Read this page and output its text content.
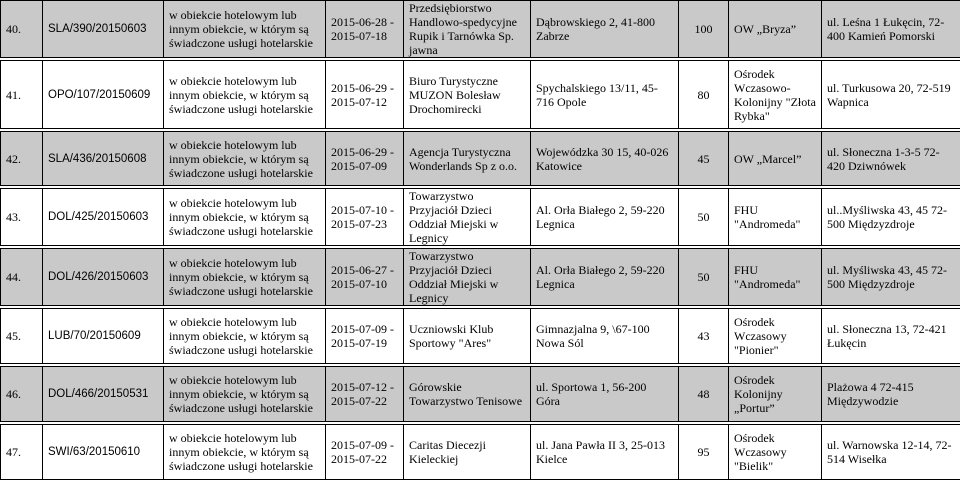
40.	SLA/390/20150603	w obiekcie hotelowym lub innym obiekcie, w którym są świadczone usługi hotelarskie	2015-06-28 - 2015-07-18	Przedsiębiorstwo Handlowo-spedycyjne Rupik i Tarnówka Sp. jawna	Dąbrowskiego 2, 41-800 Zabrze	100	OW „Bryza”	ul. Leśna 1 Łukęcin, 72-400 Kamień Pomorski

41.	OPO/107/20150609	w obiekcie hotelowym lub innym obiekcie, w którym są świadczone usługi hotelarskie	2015-06-29 - 2015-07-12	Biuro Turystyczne MUZON Bolesław Drochomirecki	Spychalskiego 13/11, 45-716 Opole	80	Ośrodek Wczasowo-Kolonijny "Złota Rybka"	ul. Turkusowa 20, 72-519 Wapnica

42.	SLA/436/20150608	w obiekcie hotelowym lub innym obiekcie, w którym są świadczone usługi hotelarskie	2015-06-29 - 2015-07-09	Agencja Turystyczna Wonderlands Sp z o.o.	Wojewódzka 30 15, 40-026 Katowice	45	OW „Marcel”	ul. Słoneczna 1-3-5 72-420 Dziwnówek

43.	DOL/425/20150603	w obiekcie hotelowym lub innym obiekcie, w którym są świadczone usługi hotelarskie	2015-07-10 - 2015-07-23	Towarzystwo Przyjaciół Dzieci Oddział Miejski w Legnicy	Al. Orła Białego 2, 59-220 Legnica	50	FHU "Andromeda"	ul..Myśliwska 43, 45 72-500 Międzyzdroje

44.	DOL/426/20150603	w obiekcie hotelowym lub innym obiekcie, w którym są świadczone usługi hotelarskie	2015-06-27 - 2015-07-10	Towarzystwo Przyjaciół Dzieci Oddział Miejski w Legnicy	Al. Orła Białego 2, 59-220 Legnica	50	FHU "Andromeda"	ul. Myśliwska 43, 45 72-500 Międzyzdroje

45.	LUB/70/20150609	w obiekcie hotelowym lub innym obiekcie, w którym są świadczone usługi hotelarskie	2015-07-09 - 2015-07-19	Uczniowski Klub Sportowy "Ares"	Gimnazjalna 9, \67-100 Nowa Sól	43	Ośrodek Wczasowy "Pionier"	ul. Słoneczna 13, 72-421 Łukęcin

46.	DOL/466/20150531	w obiekcie hotelowym lub innym obiekcie, w którym są świadczone usługi hotelarskie	2015-07-12 - 2015-07-22	Górowskie Towarzystwo Tenisowe	ul. Sportowa 1, 56-200 Góra	48	Ośrodek Kolonijny „Portur”	Plażowa 4 72-415 Międzywodzie

47.	SWI/63/20150610	w obiekcie hotelowym lub innym obiekcie, w którym są świadczone usługi hotelarskie	2015-07-09 - 2015-07-22	Caritas Diecezji Kieleckiej	ul. Jana Pawła II 3, 25-013 Kielce	95	Ośrodek Wczasowy "Bielik"	ul. Warnowska 12-14, 72-514 Wisełka
